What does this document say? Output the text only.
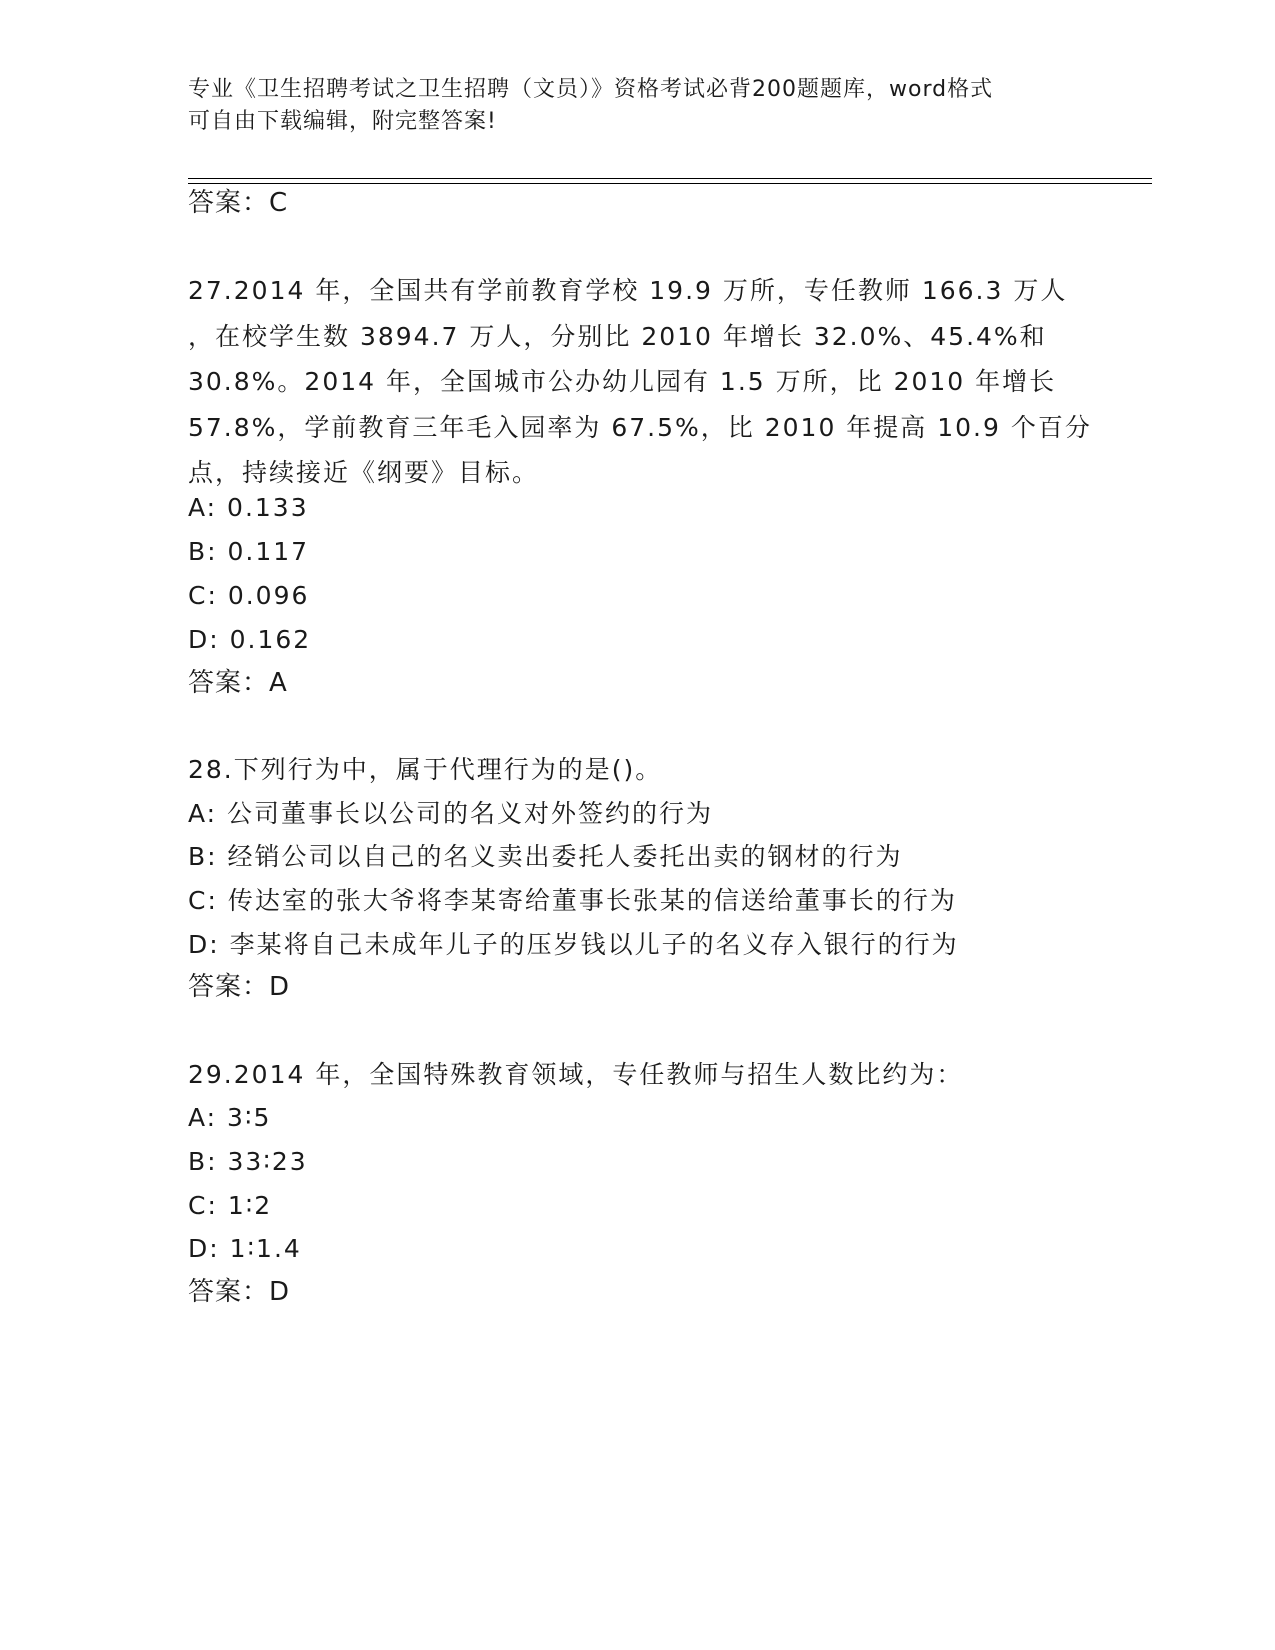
专业《卫生招聘考试之卫生招聘（文员）》资格考试必背200题题库，word格式
可自由下载编辑，附完整答案!
答案：C
27.2014 年，全国共有学前教育学校 19.9 万所，专任教师 166.3 万人
，在校学生数 3894.7 万人，分别比 2010 年增长 32.0%、45.4%和
30.8%。2014 年，全国城市公办幼儿园有 1.5 万所，比 2010 年增长
57.8%，学前教育三年毛入园率为 67.5%，比 2010 年提高 10.9 个百分
点，持续接近《纲要》目标。
A: 0.133
B: 0.117
C: 0.096
D: 0.162
答案：A
28.下列行为中，属于代理行为的是()。
A: 公司董事长以公司的名义对外签约的行为
B: 经销公司以自己的名义卖出委托人委托出卖的钢材的行为
C: 传达室的张大爷将李某寄给董事长张某的信送给董事长的行为
D: 李某将自己未成年儿子的压岁钱以儿子的名义存入银行的行为
答案：D
29.2014 年，全国特殊教育领域，专任教师与招生人数比约为：
A: 3∶5
B: 33∶23
C: 1∶2
D: 1∶1.4
答案：D
